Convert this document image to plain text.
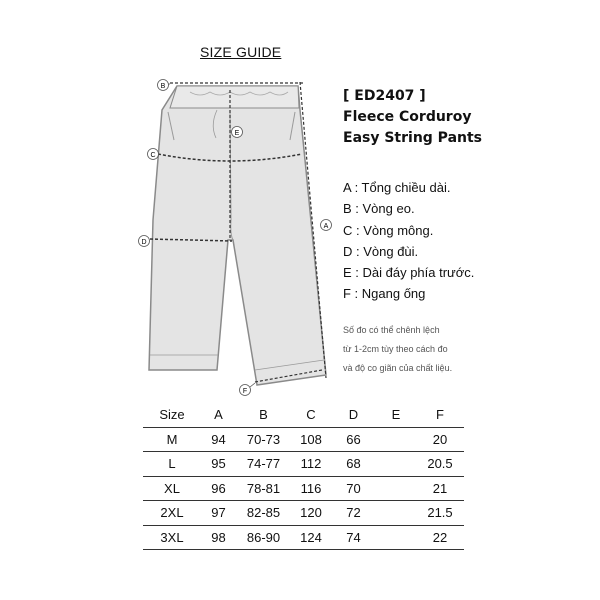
SIZE GUIDE
B
C
D
E
A
F
[ ED2407 ]
Fleece Corduroy
Easy String Pants
A : Tổng chiều dài.
B : Vòng eo.
C : Vòng mông.
D : Vòng đùi.
E : Dài đáy phía trước.
F : Ngang ống
Số đo có thể chênh lệch
từ 1-2cm tùy theo cách đo
và độ co giãn của chất liệu.
Size	A	B	C	D	E	F
M	94	70-73	108	66		20
L	95	74-77	112	68		20.5
XL	96	78-81	116	70		21
2XL	97	82-85	120	72		21.5
3XL	98	86-90	124	74		22
